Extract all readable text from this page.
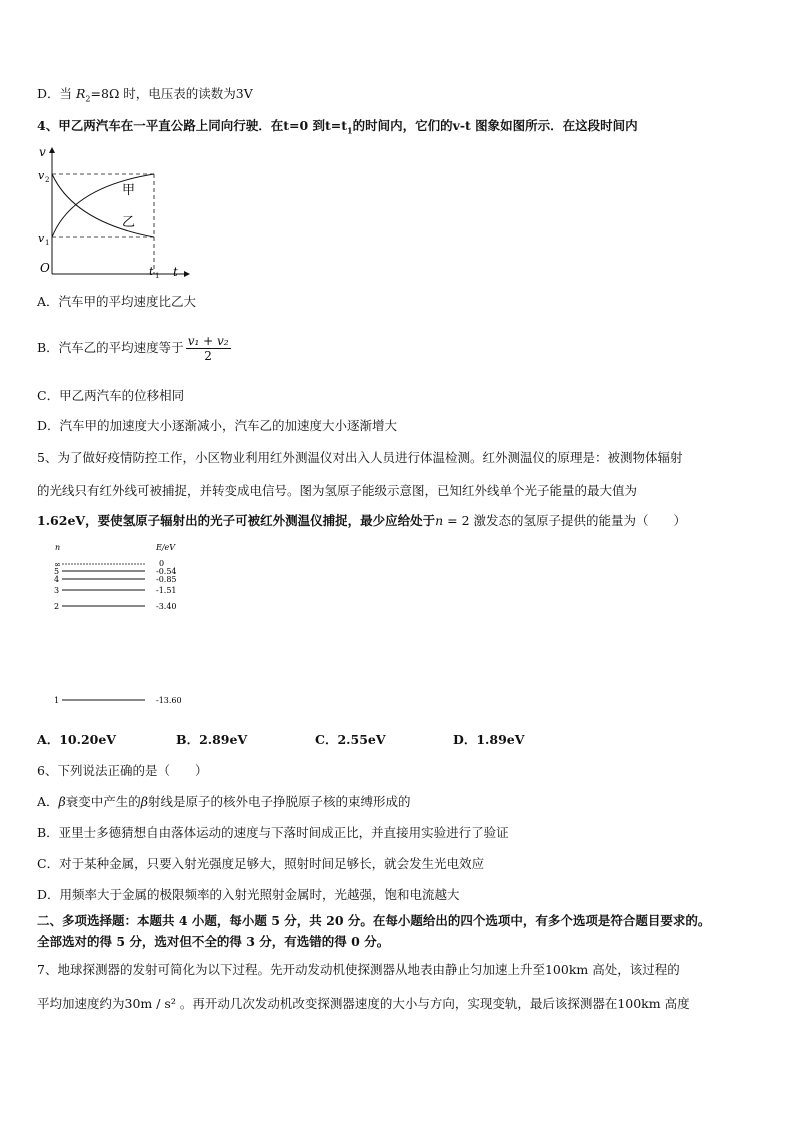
D．当 $R_2=8\Omega$ 时，电压表的读数为3V
4、甲乙两汽车在一平直公路上同向行驶．在t=0 到$t=t_1$的时间内，它们的v-t 图象如图所示．在这段时间内
v
t
O
v 2
v 1
t 1
甲
乙
A．汽车甲的平均速度比乙大
B．汽车乙的平均速度等于 $\frac{\text{v₁ + v₂}}{2}$
C．甲乙两汽车的位移相同
D．汽车甲的加速度大小逐渐减小，汽车乙的加速度大小逐渐增大
5、为了做好疫情防控工作，小区物业利用红外测温仪对出入人员进行体温检测。红外测温仪的原理是：被测物体辐射
的光线只有红外线可被捕捉，并转变成电信号。图为氢原子能级示意图，已知红外线单个光子能量的最大值为
1.62eV，要使氢原子辐射出的光子可被红外测温仪捕捉，最少应给处于n = 2 激发态的氢原子提供的能量为（　　）
n	E/eV
∞	0
5	-0.54
4	-0.85
3	-1.51
2	-3.40
1	-13.60
A．10.20eV	B．2.89eV	C．2.55eV	D．1.89eV
6、下列说法正确的是（　　）
A．β衰变中产生的β射线是原子的核外电子挣脱原子核的束缚形成的
B．亚里士多德猜想自由落体运动的速度与下落时间成正比，并直接用实验进行了验证
C．对于某种金属，只要入射光强度足够大，照射时间足够长，就会发生光电效应
D．用频率大于金属的极限频率的入射光照射金属时，光越强，饱和电流越大
二、多项选择题：本题共 4 小题，每小题 5 分，共 20 分。在每小题给出的四个选项中，有多个选项是符合题目要求的。
全部选对的得 5 分，选对但不全的得 3 分，有选错的得 0 分。
7、地球探测器的发射可简化为以下过程。先开动发动机使探测器从地表由静止匀加速上升至100km 高处，该过程的
平均加速度约为30m / s² 。再开动几次发动机改变探测器速度的大小与方向，实现变轨，最后该探测器在100km 高度
